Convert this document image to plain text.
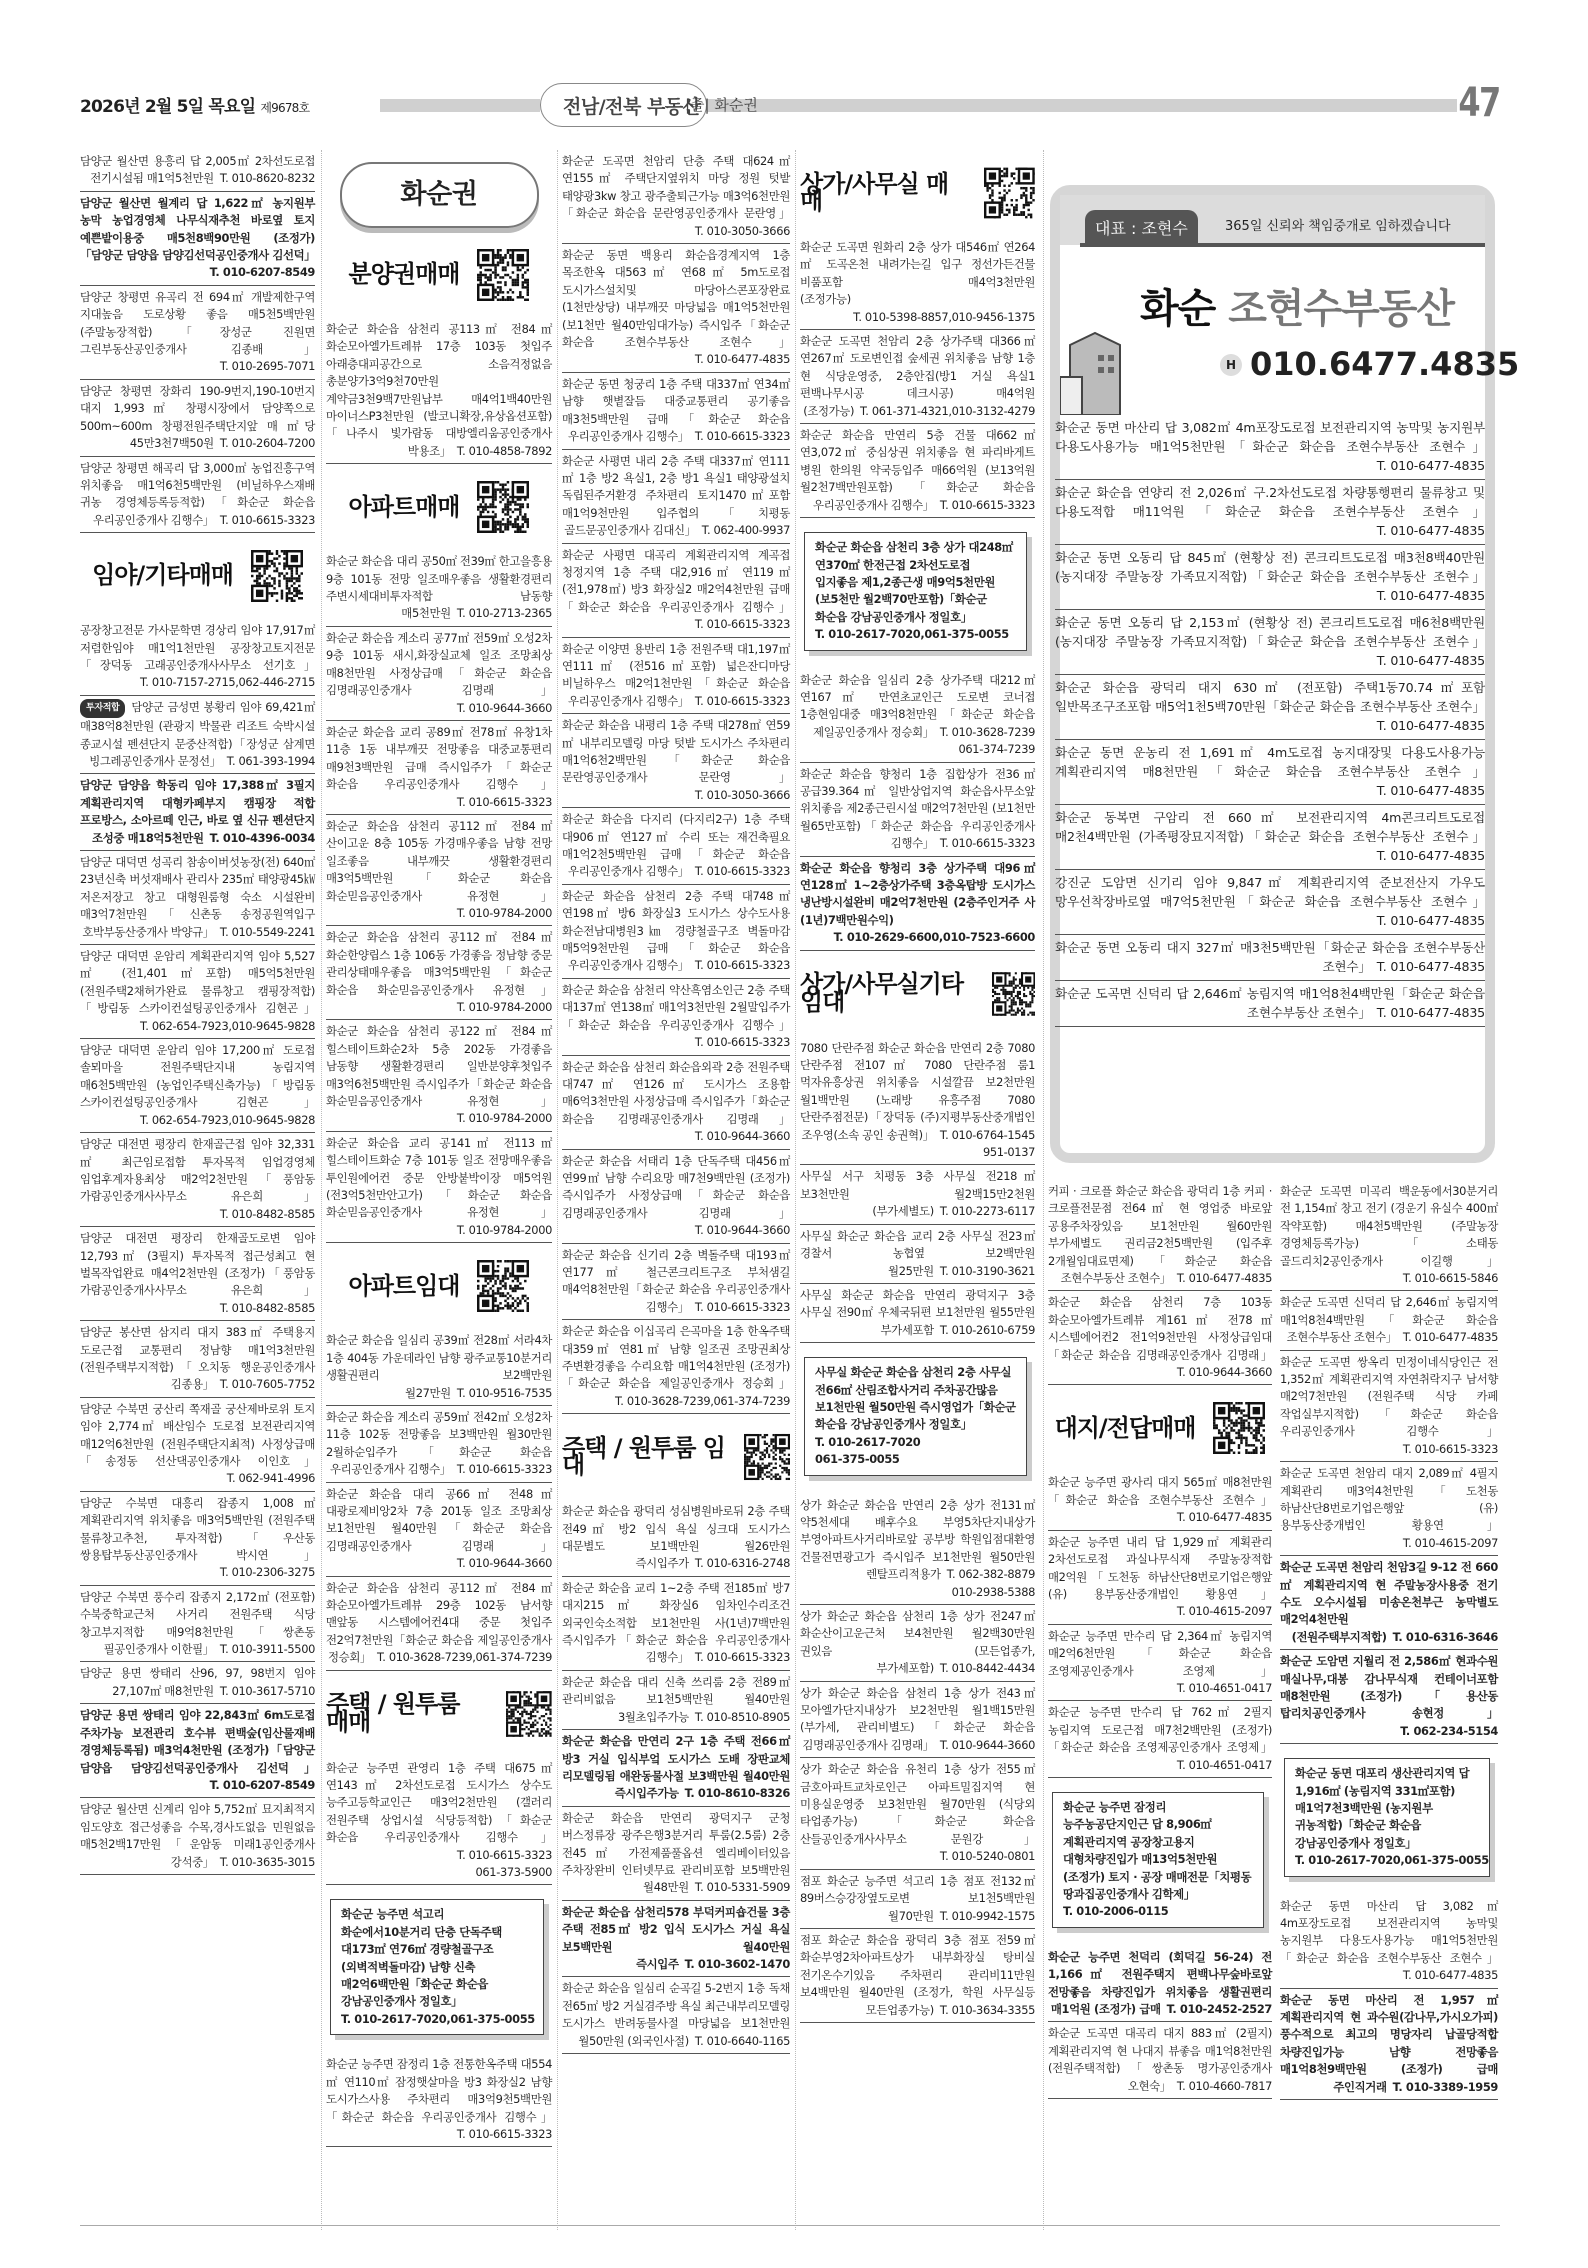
2026년 2월 5일 목요일 제9678호	전남/전북 부동산
|줄| 화순권	47
담양군 월산면 용흥리 답 2,005㎡ 2차선도로접 전기시설됨 매1억5천만원 T. 010-8620-8232
담양군 월산면 월계리 답 1,622㎡ 농지원부 농막 농업경영체 나무식재추천 바로옆 토지 예쁜밭이용중 매5천8백90만원 (조정가)「담양군 담양읍 담양김선덕공인중개사 김선덕」T. 010-6207-8549
담양군 창평면 유곡리 전 694㎡ 개발제한구역 지대높음 도로상황 좋음 매5천5백만원 (주말농장적합)「장성군 진원면 그린부동산공인중개사 김종배」T. 010-2695-7071
담양군 창평면 장화리 190-9번지,190-10번지 대지 1,993㎡ 창평시장에서 담양쪽으로 500m~600m 창평전원주택단지앞 매 ㎡당 45만3천7백50원 T. 010-2604-7200
담양군 창평면 해곡리 답 3,000㎡ 농업진흥구역 위치좋음 매1억6천5백만원 (비닐하우스재배 귀농 경영체등록등적합)「화순군 화순읍 우리공인중개사 김행수」 T. 010-6615-3323
임야/기타매매
공장창고전문 가사문학면 경상리 임야 17,917㎡ 저렴한임야 매1억1천만원 공장창고토지전문「장덕동 고래공인중개사사무소 선기호」T. 010-7157-2715,062-446-2715
투자적합 담양군 금성면 봉황리 임야 69,421㎡ 매38억8천만원 (관광지 박물관 리조트 숙박시설 종교시설 펜션단지 문중산적합)「장성군 삼계면 빙그레공인중개사 문정선」 T. 061-393-1994
담양군 담양읍 학동리 임야 17,388㎡ 3필지 계획관리지역 대형카페부지 캠핑장 적합 프로방스, 소아르떼 인근, 바로 옆 신규 펜션단지 조성중 매18억5천만원 T. 010-4396-0034
담양군 대덕면 성곡리 참송이버섯농장(전) 640㎡ 23년신축 버섯재배사 관리사 235㎡ 태양광45㎾ 저온저장고 창고 대형원룸형 숙소 시설완비 매3억7천만원「신촌동 송정공원역입구 호박부동산중개사 박양규」 T. 010-5549-2241
담양군 대덕면 운암리 계획관리지역 임야 5,527㎡ (전1,401㎡포함) 매5억5천만원 (전원주택2채허가완료 물류창고 캠핑장적합)「방림동 스카이컨설팅공인중개사 김현곤」T. 062-654-7923,010-9645-9828
담양군 대덕면 운암리 임야 17,200㎡ 도로접 솔뫼마을 전원주택단지내 농림지역 매6천5백만원 (농업인주택신축가능)「방림동 스카이컨설팅공인중개사 김현곤」T. 062-654-7923,010-9645-9828
담양군 대전면 평장리 한재골근접 임야 32,331㎡ 최근임로접함 투자목적 임업경영체 임업후계자용최상 매2억2천만원「풍암동 가람공인중개사사무소 유은희」T. 010-8482-8585
담양군 대전면 평장리 한재골도로변 임야 12,793㎡ (3필지) 투자목적 접근성최고 현 벌목작업완료 매4억2천만원 (조정가)「풍암동 가람공인중개사사무소 유은희」T. 010-8482-8585
담양군 봉산면 삼지리 대지 383㎡ 주택용지 도로근접 교통편리 정남향 매1억3천만원 (전원주택부지적합)「오치동 행운공인중개사 김종용」 T. 010-7605-7752
담양군 수북면 궁산리 쪽재골 궁산제바로위 토지 임야 2,774㎡ 배산임수 도로접 보전관리지역 매12억6천만원 (전원주택단지최적) 사정상급매「송정동 선산댁공인중개사 이인호」T. 062-941-4996
담양군 수북면 대흥리 잡종지 1,008㎡ 계획관리지역 위치좋음 매3억5백만원 (전원주택 물류창고추천, 투자적합)「우산동 쌍용탑부동산공인중개사 박시연」T. 010-2306-3275
담양군 수북면 풍수리 잡종지 2,172㎡ (전포함) 수북중학교근처 사거리 전원주택 식당 창고부지적합 매9억8천만원「쌍촌동 필공인중개사 이한필」 T. 010-3911-5500
담양군 용면 쌍태리 산96, 97, 98번지 임야 27,107㎡ 매8천만원 T. 010-3617-5710
담양군 용면 쌍태리 임야 22,843㎡ 6m도로접 주차가능 보전관리 호수뷰 편백숲(임산물재배 경영체등록됨) 매3억4천만원 (조정가)「담양군 담양읍 담양김선덕공인중개사 김선덕」T. 010-6207-8549
담양군 월산면 신계리 임야 5,752㎡ 묘지최적지 임도양호 접근성좋음 수목,경사도없음 민원없음 매5천2백17만원「운암동 미래1공인중개사 강석중」 T. 010-3635-3015
화순권
분양권매매
화순군 화순읍 삼천리 공113㎡ 전84㎡ 화순모아엘가트레뷰 17층 103동 첫입주 아래층대피공간으로 소음걱정없음 총분양가3억9천70만원 계약금3천9백7만원납부 매4억1백40만원 마이너스P3천만원 (발코니확장,유상옵션포함)「나주시 빛가람동 대방엘리움공인중개사 박용조」 T. 010-4858-7892
아파트매매
화순군 화순읍 대리 공50㎡ 전39㎡ 한고을흥용 9층 101동 전망 일조매우좋음 생활환경편리 주변시세대비투자적합 남동향 매5천만원 T. 010-2713-2365
화순군 화순읍 계소리 공77㎡ 전59㎡ 오성2차 9층 101동 새시,화장실교체 일조 조망최상 매8천만원 사정상급매「화순군 화순읍 김명래공인중개사 김명래」T. 010-9644-3660
화순군 화순읍 교리 공89㎡ 전78㎡ 유창1차 11층 1동 내부깨끗 전망좋음 대중교통편리 매9천3백만원 급매 즉시입주가「화순군 화순읍 우리공인중개사 김행수」T. 010-6615-3323
화순군 화순읍 삼천리 공112㎡ 전84㎡ 산이고운 8층 105동 가경매우좋음 남향 전망 일조좋음 내부깨끗 생활환경편리 매3억5백만원「화순군 화순읍 화순믿음공인중개사 유정현」T. 010-9784-2000
화순군 화순읍 삼천리 공112㎡ 전84㎡ 화순한양립스 1층 106동 가경좋음 정남향 중문 관리상태매우좋음 매3억5백만원「화순군 화순읍 화순믿음공인중개사 유정현」T. 010-9784-2000
화순군 화순읍 삼천리 공122㎡ 전84㎡ 힐스테이트화순2차 5층 202동 가경좋음 남동향 생활환경편리 일반분양후첫입주 매3억6천5백만원 즉시입주가「화순군 화순읍 화순믿음공인중개사 유정현」T. 010-9784-2000
화순군 화순읍 교리 공141㎡ 전113㎡ 힐스테이트화순 7층 101동 일조 전망매우좋음 투인원에어컨 중문 안방붙박이장 매5억원 (전3억5천만안고가)「화순군 화순읍 화순믿음공인중개사 유정현」T. 010-9784-2000
아파트임대
화순군 화순읍 일심리 공39㎡ 전28㎡ 서라4차 1층 404동 가운데라인 남향 광주교통10분거리 생활권편리 보2백만원 월27만원 T. 010-9516-7535
화순군 화순읍 계소리 공59㎡ 전42㎡ 오성2차 11층 102동 전망좋음 보3백만원 월30만원 2월하순입주가「화순군 화순읍 우리공인중개사 김행수」 T. 010-6615-3323
화순군 화순읍 대리 공66㎡ 전48㎡ 대광로제비앙2차 7층 201동 일조 조망최상 보1천만원 월40만원「화순군 화순읍 김명래공인중개사 김명래」T. 010-9644-3660
화순군 화순읍 삼천리 공112㎡ 전84㎡ 화순모아엘가트레뷰 29층 102동 남서향 맨앞동 시스템에어컨4대 중문 첫입주 전2억7천만원「화순군 화순읍 제일공인중개사 정승회」 T. 010-3628-7239,061-374-7239
주택 / 원투룸 매매
화순군 능주면 관영리 1층 주택 대675㎡ 연143㎡ 2차선도로접 도시가스 상수도 능주고등학교인근 매3억2천만원 (갤러리 전원주택 상업시설 식당등적합)「화순군 화순읍 우리공인중개사 김행수」T. 010-6615-3323
061-373-5900
화순군 능주면 석고리 화순에서10분거리 단층 단독주택 대173㎡ 연76㎡ 경량철골구조(외벽적벽돌마감) 남향 신축 매2억6백만원「화순군 화순읍 강남공인중개사 정일호」
T. 010-2617-7020,061-375-0055
화순군 능주면 잠정리 1층 전통한옥주택 대554㎡ 연110㎡ 잠정햇살마을 방3 화장실2 남향 도시가스사용 주차편리 매3억9천5백만원「화순군 화순읍 우리공인중개사 김행수」T. 010-6615-3323
화순군 도곡면 천암리 단층 주택 대624㎡ 연155㎡ 주택단지옆위치 마당 정원 텃밭 태양광3kw 창고 광주출퇴근가능 매3억6천만원「화순군 화순읍 문란영공인중개사 문란영」T. 010-3050-3666
화순군 동면 백용리 화순읍경계지역 1층 목조한옥 대563㎡ 연68㎡ 5m도로접 도시가스설치및 마당아스콘포장완료(1천만상당) 내부깨끗 마당넓음 매1억5천만원 (보1천만 월40만임대가능) 즉시입주「화순군 화순읍 조현수부동산 조현수」T. 010-6477-4835
화순군 동면 청궁리 1층 주택 대337㎡ 연34㎡ 남향 햇볕잘듬 대중교통편리 공기좋음 매3천5백만원 급매「화순군 화순읍 우리공인중개사 김행수」 T. 010-6615-3323
화순군 사평면 내리 2층 주택 대337㎡ 연111㎡ 1층 방2 욕실1, 2층 방1 욕실1 태양광설치 독립된주거환경 주차편리 토지1470㎡포함 매1억9천만원 입주협의「치평동 골드문공인중개사 김대신」 T. 062-400-9937
화순군 사평면 대곡리 계획관리지역 계곡접 청정지역 1층 주택 대2,916㎡ 연119㎡ (전1,978㎡) 방3 화장실2 매2억4천만원 급매「화순군 화순읍 우리공인중개사 김행수」T. 010-6615-3323
화순군 이양면 용반리 1층 전원주택 대1,197㎡ 연111㎡ (전516㎡포함) 넓은잔디마당 비닐하우스 매2억1천만원「화순군 화순읍 우리공인중개사 김행수」 T. 010-6615-3323
화순군 화순읍 내평리 1층 주택 대278㎡ 연59㎡ 내부리모델링 마당 텃밭 도시가스 주차편리 매1억6천2백만원「화순군 화순읍 문란영공인중개사 문란영」T. 010-3050-3666
화순군 화순읍 다지리 (다지리2구) 1층 주택 대906㎡ 연127㎡ 수리 또는 재건축필요 매1억2천5백만원 급매「화순군 화순읍 우리공인중개사 김행수」 T. 010-6615-3323
화순군 화순읍 삼천리 2층 주택 대748㎡ 연198㎡ 방6 화장실3 도시가스 상수도사용 화순전남대병원3㎞ 경량철골구조 벽돌마감 매5억9천만원 급매「화순군 화순읍 우리공인중개사 김행수」 T. 010-6615-3323
화순군 화순읍 삼천리 약산흑염소인근 2층 주택 대137㎡ 연138㎡ 매1억3천만원 2월말입주가「화순군 화순읍 우리공인중개사 김행수」T. 010-6615-3323
화순군 화순읍 삼천리 화순읍외곽 2층 전원주택 대747㎡ 연126㎡ 도시가스 조용함 매6억3천만원 사정상급매 즉시입주가「화순군 화순읍 김명래공인중개사 김명래」T. 010-9644-3660
화순군 화순읍 서태리 1층 단독주택 대456㎡ 연99㎡ 남향 수리요망 매7천9백만원 (조정가) 즉시입주가 사정상급매「화순군 화순읍 김명래공인중개사 김명래」T. 010-9644-3660
화순군 화순읍 신기리 2층 벽돌주택 대193㎡ 연177㎡ 철근콘크리트구조 부처샘길 매4억8천만원「화순군 화순읍 우리공인중개사 김행수」 T. 010-6615-3323
화순군 화순읍 이십곡리 은곡마을 1층 한옥주택 대359㎡ 연81㎡ 남향 일조권 조망권최상 주변환경좋음 수리요함 매1억4천만원 (조정가)「화순군 화순읍 제일공인중개사 정승회」T. 010-3628-7239,061-374-7239
주택 / 원투룸 임대
화순군 화순읍 광덕리 성심병원바로뒤 2층 주택 전49㎡ 방2 입식 욕실 싱크대 도시가스 대문별도 보1백만원 월26만원 즉시입주가 T. 010-6316-2748
화순군 화순읍 교리 1~2층 주택 전185㎡ 방7 대지215㎡ 화장실6 임차인수리조건 외국인숙소적합 보1천만원 사(1년)7백만원 즉시입주가「화순군 화순읍 우리공인중개사 김행수」 T. 010-6615-3323
화순군 화순읍 대리 신축 쓰리룸 2층 전89㎡ 관리비없음 보1천5백만원 월40만원 3월초입주가능 T. 010-8510-8905
화순군 화순읍 만연리 2구 1층 주택 전66㎡ 방3 거실 입식부엌 도시가스 도배 장판교체 리모델링됨 애완동물사절 보3백만원 월40만원 즉시입주가능 T. 010-8610-8326
화순군 화순읍 만연리 광덕지구 군청 버스정류장 광주은행3분거리 투룸(2.5룸) 2층 전45㎡ 가전제품풀옵션 엘리베이터있음 주차장완비 인터넷무료 관리비포함 보5백만원 월48만원 T. 010-5331-5909
화순군 화순읍 삼천리578 부덕커피숍건물 3층 주택 전85㎡ 방2 입식 도시가스 거실 욕실 보5백만원 월40만원 즉시입주 T. 010-3602-1470
화순군 화순읍 일심리 순곡길 5-2번지 1층 독채 전65㎡ 방2 거실겸주방 욕실 최근내부리모델링 도시가스 반려동물사절 마당넓음 보1천만원 월50만원 (외국인사절) T. 010-6640-1165
상가/사무실 매매
화순군 도곡면 원화리 2층 상가 대546㎡ 연264㎡ 도곡온천 내려가는길 입구 정선가든건물 비품포함 매4억3천만원 (조정가능)T. 010-5398-8857,010-9456-1375
화순군 도곡면 천암리 2층 상가주택 대366㎡ 연267㎡ 도로변인접 숲세권 위치좋음 남향 1층 현 식당운영중, 2층안집(방1 거실 욕실1 편백나무시공 데크시공) 매4억원 (조정가능) T. 061-371-4321,010-3132-4279
화순군 화순읍 만연리 5층 건물 대662㎡ 연3,072㎡ 중심상권 위치좋음 현 파리바게트 병원 한의원 약국등입주 매66억원 (보13억원 월2천7백만원포함)「화순군 화순읍 우리공인중개사 김행수」 T. 010-6615-3323
화순군 화순읍 삼천리 3층 상가 대248㎡ 연370㎡ 한전근접 2차선도로접 입지좋음 제1,2종근생 매9억5천만원 (보5천만 월2백70만포함)「화순군 화순읍 강남공인중개사 정일호」
T. 010-2617-7020,061-375-0055
화순군 화순읍 일심리 2층 상가주택 대212㎡ 연167㎡ 만연초교인근 도로변 코너접 1층현임대중 매3억8천만원「화순군 화순읍 제일공인중개사 정승회」 T. 010-3628-7239
061-374-7239
화순군 화순읍 향청리 1층 집합상가 전36㎡ 공급39.364㎡ 일반상업지역 화순읍사무소앞 위치좋음 제2종근린시설 매2억7천만원 (보1천만 월65만포함)「화순군 화순읍 우리공인중개사 김행수」 T. 010-6615-3323
화순군 화순읍 향청리 3층 상가주택 대96㎡ 연128㎡ 1~2층상가주택 3층옥탑방 도시가스 냉난방시설완비 매2억7천만원 (2층주인거주 사(1년)7백만원수익)T. 010-2629-6600,010-7523-6600
상가/사무실기타임대
7080 단란주점 화순군 화순읍 만연리 2층 7080 단란주점 전107㎡ 7080 단란주점 룸1 먹자유흥상권 위치좋음 시설깔끔 보2천만원 월1백만원 (노래방 유흥주점 7080 단란주점전문)「장덕동 (주)지평부동산중개법인 조우영(소속 공인 송권혁)」 T. 010-6764-1545
951-0137
사무실 서구 치평동 3층 사무실 전218㎡ 보3천만원 월2백15만2천원 (부가세별도) T. 010-2273-6117
사무실 화순군 화순읍 교리 2층 사무실 전23㎡ 경찰서 농협옆 보2백만원 월25만원 T. 010-3190-3621
사무실 화순군 화순읍 만연리 광덕지구 3층 사무실 전90㎡ 우체국뒤편 보1천만원 월55만원 부가세포함 T. 010-2610-6759
사무실 화순군 화순읍 삼천리 2층 사무실 전66㎡ 산림조합사거리 주차공간많음 보1천만원 월50만원 즉시영업가「화순군 화순읍 강남공인중개사 정일호」
T. 010-2617-7020
061-375-0055
상가 화순군 화순읍 만연리 2층 상가 전131㎡ 약5천세대 배후수요 부영5차단지내상가 부영아파트사거리바로앞 공부방 학원입점대환영 건물전면광고가 즉시입주 보1천만원 월50만원 렌탈프리적용가 T. 062-382-8879
010-2938-5388
상가 화순군 화순읍 삼천리 1층 상가 전247㎡ 화순산이고운근처 보4천만원 월2백30만원 권있음 (모든업종가,부가세포함) T. 010-8442-4434
상가 화순군 화순읍 삼천리 1층 상가 전43㎡ 모아엘가단지내상가 보2천만원 월1백15만원 (부가세, 관리비별도)「화순군 화순읍 김명래공인중개사 김명래」 T. 010-9644-3660
상가 화순군 화순읍 유천리 1층 상가 전55㎡ 금호아파트교차로인근 아파트밀집지역 현 미용실운영중 보3천만원 월70만원 (식당외 타업종가능)「화순군 화순읍 산들공인중개사사무소 문원강」T. 010-5240-0801
점포 화순군 능주면 석고리 1층 점포 전132㎡ 89버스승강장옆도로변 보1천5백만원 월70만원 T. 010-9942-1575
점포 화순군 화순읍 광덕리 3층 점포 전59㎡ 화순부영2차아파트상가 내부화장실 탕비실 전기온수기있음 주차편리 관리비11만원 보4백만원 월40만원 (조정가, 학원 사무실등 모든업종가능) T. 010-3634-3355
커피 · 크로플 화순군 화순읍 광덕리 1층 커피 · 크로플전문점 전64㎡ 현 영업중 바로앞 공용주차장있음 보1천만원 월60만원 부가세별도 권리금2천5백만원 (입주후 2개월임대료면제)「화순군 화순읍 조현수부동산 조현수」 T. 010-6477-4835
화순군 화순읍 삼천리 7층 103동 화순모아엘가트레뷰 계161㎡ 전78㎡ 시스템에어컨2 전1억9천만원 사정상급임대「화순군 화순읍 김명래공인중개사 김명래」T. 010-9644-3660
대지/전답매매
화순군 능주면 광사리 대지 565㎡ 매8천만원「화순군 화순읍 조현수부동산 조현수」T. 010-6477-4835
화순군 능주면 내리 답 1,929㎡ 계획관리 2차선도로접 과실나무식재 주말농장적합 매2억원「도천동 하남산단8번로기업은행앞 (유) 용부동산중개법인 황용연」T. 010-4615-2097
화순군 능주면 만수리 답 2,364㎡ 농림지역 매2억6천만원「화순군 화순읍 조영제공인중개사 조영제」T. 010-4651-0417
화순군 능주면 만수리 답 762㎡ 2필지 농림지역 도로근접 매7천2백만원 (조정가)「화순군 화순읍 조영제공인중개사 조영제」T. 010-4651-0417
화순군 능주면 잠정리 능주농공단지인근 답 8,906㎡ 계획관리지역 공장창고용지 대형차량진입가 매13억5천만원 (조정가) 토지 · 공장 매매전문「치평동 땅과집공인중개사 김학제」
T. 010-2006-0115
화순군 능주면 천덕리 (회덕길 56-24) 전 1,166㎡ 전원주택지 편백나무숲바로앞 전망좋음 차량진입가 위치좋음 생활권편리 매1억원 (조정가) 급매 T. 010-2452-2527
화순군 도곡면 대곡리 대지 883㎡ (2필지) 계획관리지역 현 나대지 뷰좋음 매1억8천만원 (전원주택적합)「쌍촌동 명가공인중개사 오현숙」 T. 010-4660-7817
화순군 도곡면 미곡리 백운동에서30분거리 전 1,154㎡ 창고 전기 (경운기 유실수 400㎡ 작약포함) 매4천5백만원 (주말농장 경영체등록가능)「소태동 골드리치2공인중개사 이길행」T. 010-6615-5846
화순군 도곡면 신덕리 답 2,646㎡ 농림지역 매1억8천4백만원「화순군 화순읍 조현수부동산 조현수」 T. 010-6477-4835
화순군 도곡면 쌍옥리 민정이네식당인근 전 1,352㎡ 계획관리지역 자연취락지구 남서향 매2억7천만원 (전원주택 식당 카페 작업실부지적합)「화순군 화순읍 우리공인중개사 김행수」T. 010-6615-3323
화순군 도곡면 천암리 대지 2,089㎡ 4필지 계획관리 매3억4천만원「도천동 하남산단8번로기업은행앞 (유) 용부동산중개법인 황용연」T. 010-4615-2097
화순군 도곡면 천암리 천암3길 9-12 전 660㎡ 계획관리지역 현 주말농장사용중 전기 수도 오수시설됨 미송온천부근 농막별도 매2억4천만원 (전원주택부지적합) T. 010-6316-3646
화순군 도암면 지월리 전 2,586㎡ 현과수원 매실나무,대봉 감나무식재 컨테이너포함 매8천만원 (조정가)「용산동 탑리치공인중개사 송현정」T. 062-234-5154
화순군 동면 대포리 생산관리지역 답 1,916㎡ (농림지역 331㎡포함) 매1억7천3백만원 (농지원부 귀농적합)「화순군 화순읍 강남공인중개사 정일호」
T. 010-2617-7020,061-375-0055
화순군 동면 마산리 답 3,082㎡ 4m포장도로접 보전관리지역 농막및 농지원부 다용도사용가능 매1억5천만원「화순군 화순읍 조현수부동산 조현수」T. 010-6477-4835
화순군 동면 마산리 전 1,957㎡ 계획관리지역 현 과수원(감나무,가시오가피) 풍수적으로 최고의 명당자리 납골당적합 차량진입가능 남향 전망좋음 매1억8천9백만원 (조정가) 급매 주인직거래 T. 010-3389-1959
대표 : 조현수	365일 신뢰와 책임중개로 임하겠습니다
화순 조현수부동산
H 010.6477.4835
화순군 동면 마산리 답 3,082㎡ 4m포장도로접 보전관리지역 농막및 농지원부 다용도사용가능 매1억5천만원「화순군 화순읍 조현수부동산 조현수」T. 010-6477-4835
화순군 화순읍 연양리 전 2,026㎡ 구.2차선도로접 차량통행편리 물류창고 및 다용도적합 매11억원「화순군 화순읍 조현수부동산 조현수」T. 010-6477-4835
화순군 동면 오동리 답 845㎡ (현황상 전) 콘크리트도로접 매3천8백40만원 (농지대장 주말농장 가족묘지적합)「화순군 화순읍 조현수부동산 조현수」T. 010-6477-4835
화순군 동면 오동리 답 2,153㎡ (현황상 전) 콘크리트도로접 매6천8백만원 (농지대장 주말농장 가족묘지적합)「화순군 화순읍 조현수부동산 조현수」T. 010-6477-4835
화순군 화순읍 광덕리 대지 630㎡ (전포함) 주택1동70.74㎡포함 일반목조구조포함 매5억1천5백70만원「화순군 화순읍 조현수부동산 조현수」T. 010-6477-4835
화순군 동면 운농리 전 1,691㎡ 4m도로접 농지대장및 다용도사용가능 계획관리지역 매8천만원「화순군 화순읍 조현수부동산 조현수」T. 010-6477-4835
화순군 동복면 구암리 전 660㎡ 보전관리지역 4m콘크리트도로접 매2천4백만원 (가족평장묘지적합)「화순군 화순읍 조현수부동산 조현수」T. 010-6477-4835
강진군 도암면 신기리 임야 9,847㎡ 계획관리지역 준보전산지 가우도 망우선착장바로옆 매7억5천만원「화순군 화순읍 조현수부동산 조현수」T. 010-6477-4835
화순군 동면 오동리 대지 327㎡ 매3천5백만원「화순군 화순읍 조현수부동산 조현수」 T. 010-6477-4835
화순군 도곡면 신덕리 답 2,646㎡ 농림지역 매1억8천4백만원「화순군 화순읍 조현수부동산 조현수」 T. 010-6477-4835
